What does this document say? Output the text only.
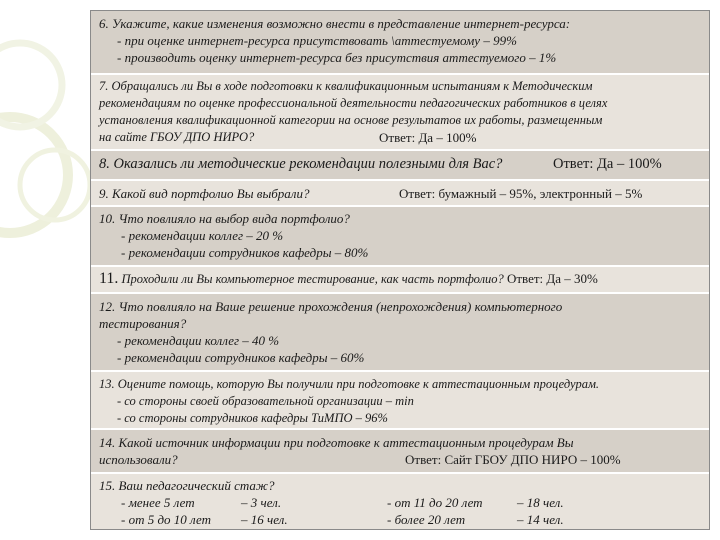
6. Укажите, какие изменения возможно внести в представление интернет-ресурса:
- при оценке интернет-ресурса присутствовать \аттестуемому – 99%
- производить оценку интернет-ресурса без присутствия аттестуемого – 1%
7. Обращались ли Вы в ходе подготовки к квалификационным испытаниям к Методическим
рекомендациям по оценке профессиональной деятельности педагогических работников в целях
установления квалификационной категории на основе результатов их работы, размещенным
на сайте ГБОУ ДПО НИРО?	Ответ: Да – 100%
8. Оказались ли методические рекомендации полезными для Вас?	Ответ: Да – 100%
9. Какой вид портфолио Вы выбрали?	Ответ: бумажный – 95%, электронный – 5%
10. Что повлияло на выбор вида портфолио?
- рекомендации коллег – 20 %
- рекомендации сотрудников кафедры – 80%
11. Проходили ли Вы компьютерное тестирование, как часть портфолио? Ответ: Да – 30%
12. Что повлияло на Ваше решение прохождения (непрохождения) компьютерного
тестирования?
- рекомендации коллег – 40 %
- рекомендации сотрудников кафедры – 60%
13. Оцените помощь, которую Вы получили при подготовке к аттестационным процедурам.
- со стороны своей образовательной организации – min
- со стороны сотрудников кафедры ТиМПО – 96%
14. Какой источник информации при подготовке к аттестационным процедурам Вы
использовали?	Ответ: Сайт ГБОУ ДПО НИРО – 100%
15. Ваш педагогический стаж?
- менее 5 лет	– 3 чел.	- от 11 до 20 лет	– 18 чел.
- от 5 до 10 лет	– 16 чел.	- более 20 лет	– 14 чел.
